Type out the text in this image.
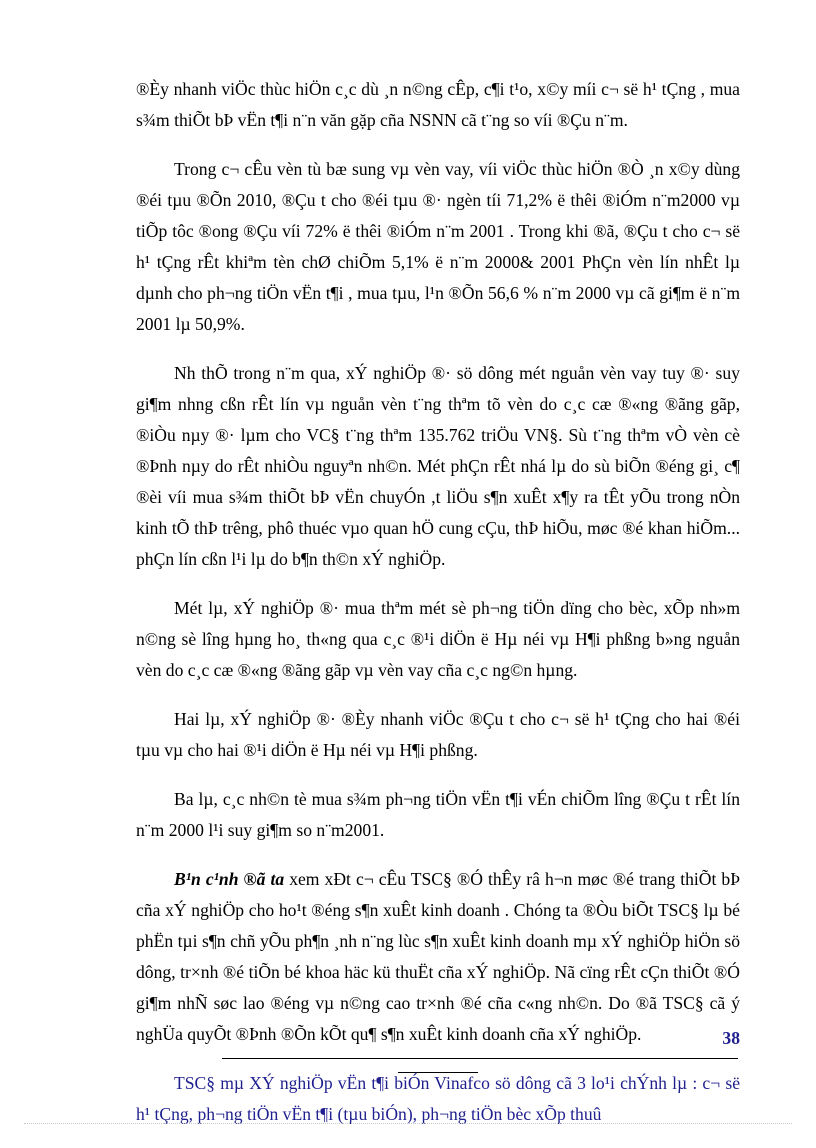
®Èy nhanh viÖc thùc hiÖn c¸c dù ¸n n©ng cÊp, c¶i t¹o, x©y míi c¬ së h¹ tÇng , mua s¾m thiÕt bÞ vËn t¶i n¨n văn gặp cña NSNN cã t¨ng so víi ®Çu n¨m.

Trong c¬ cÊu vèn tù bæ sung vµ vèn vay, víi viÖc thùc hiÖn ®Ò ¸n x©y dùng ®éi tµu ®Õn 2010, ®Çu t cho ®éi tµu ®· ngèn tíi 71,2% ë thêi ®iÓm n¨m2000 vµ tiÕp tôc ®ong ®Çu víi 72% ë thêi ®iÓm n¨m 2001 . Trong khi ®ã, ®Çu t cho c¬ së h¹ tÇng rÊt khiªm tèn chØ chiÕm 5,1% ë n¨m 2000& 2001 PhÇn vèn lín nhÊt lµ dµnh cho ph¬ng tiÖn vËn t¶i , mua tµu, l¹n ®Õn 56,6 % n¨m 2000 vµ cã gi¶m ë n¨m 2001 lµ 50,9%.

Nh thÕ trong n¨m qua, xÝ nghiÖp ®· sö dông mét nguån vèn vay tuy ®· suy gi¶m nhng cßn rÊt lín vµ nguån vèn t¨ng thªm tõ vèn do c¸c cæ ®«ng ®ãng gãp, ®iÒu nµy ®· lµm cho VC§ t¨ng thªm 135.762 triÖu VN§. Sù t¨ng thªm vÒ vèn cè ®Þnh nµy do rÊt nhiÒu nguyªn nh©n. Mét phÇn rÊt nhá lµ do sù biÕn ®éng gi¸ c¶ ®èi víi mua s¾m thiÕt bÞ vËn chuyÓn ,t liÖu s¶n xuÊt x¶y ra tÊt yÕu trong nÒn kinh tÕ thÞ trêng, phô thuéc vµo quan hÖ cung cÇu, thÞ hiÕu, møc ®é khan hiÕm... phÇn lín cßn l¹i lµ do b¶n th©n xÝ nghiÖp.

Mét lµ, xÝ nghiÖp ®· mua thªm mét sè ph¬ng tiÖn dïng cho bèc, xÕp nh»m n©ng sè lîng hµng ho¸ th«ng qua c¸c ®¹i diÖn ë Hµ néi vµ H¶i phßng b»ng nguån vèn do c¸c cæ ®«ng ®ãng gãp vµ vèn vay cña c¸c ng©n hµng.

Hai lµ, xÝ nghiÖp ®· ®Èy nhanh viÖc ®Çu t cho c¬ së h¹ tÇng cho hai ®éi tµu vµ cho hai ®¹i diÖn ë Hµ néi vµ H¶i phßng.

Ba lµ, c¸c nh©n tè mua s¾m ph¬ng tiÖn vËn t¶i vÉn chiÕm lîng ®Çu t rÊt lín n¨m 2000 l¹i suy gi¶m so n¨m2001.

B¹n c¹nh ®ã ta xem xÐt c¬ cÊu TSC§ ®Ó thÊy râ h¬n møc ®é trang thiÕt bÞ cña xÝ nghiÖp cho ho¹t ®éng s¶n xuÊt kinh doanh . Chóng ta ®Òu biÕt TSC§ lµ bé phËn tµi s¶n chñ yÕu ph¶n ¸nh n¨ng lùc s¶n xuÊt kinh doanh mµ xÝ nghiÖp hiÖn sö dông, tr×nh ®é tiÕn bé khoa häc kü thuËt cña xÝ nghiÖp. Nã cïng rÊt cÇn thiÕt ®Ó gi¶m nhÑ søc lao ®éng vµ n©ng cao tr×nh ®é cña c«ng nh©n. Do ®ã TSC§ cã ý nghÜa quyÕt ®Þnh ®Õn kÕt qu¶ s¶n xuÊt kinh doanh cña xÝ nghiÖp.

TSC§ mµ XÝ nghiÖp vËn t¶i biÓn Vinafco sö dông cã 3 lo¹i chÝnh lµ : c¬ së h¹ tÇng, ph¬ng tiÖn vËn t¶i (tµu biÓn), ph¬ng tiÖn bèc xÕp thuû

38
